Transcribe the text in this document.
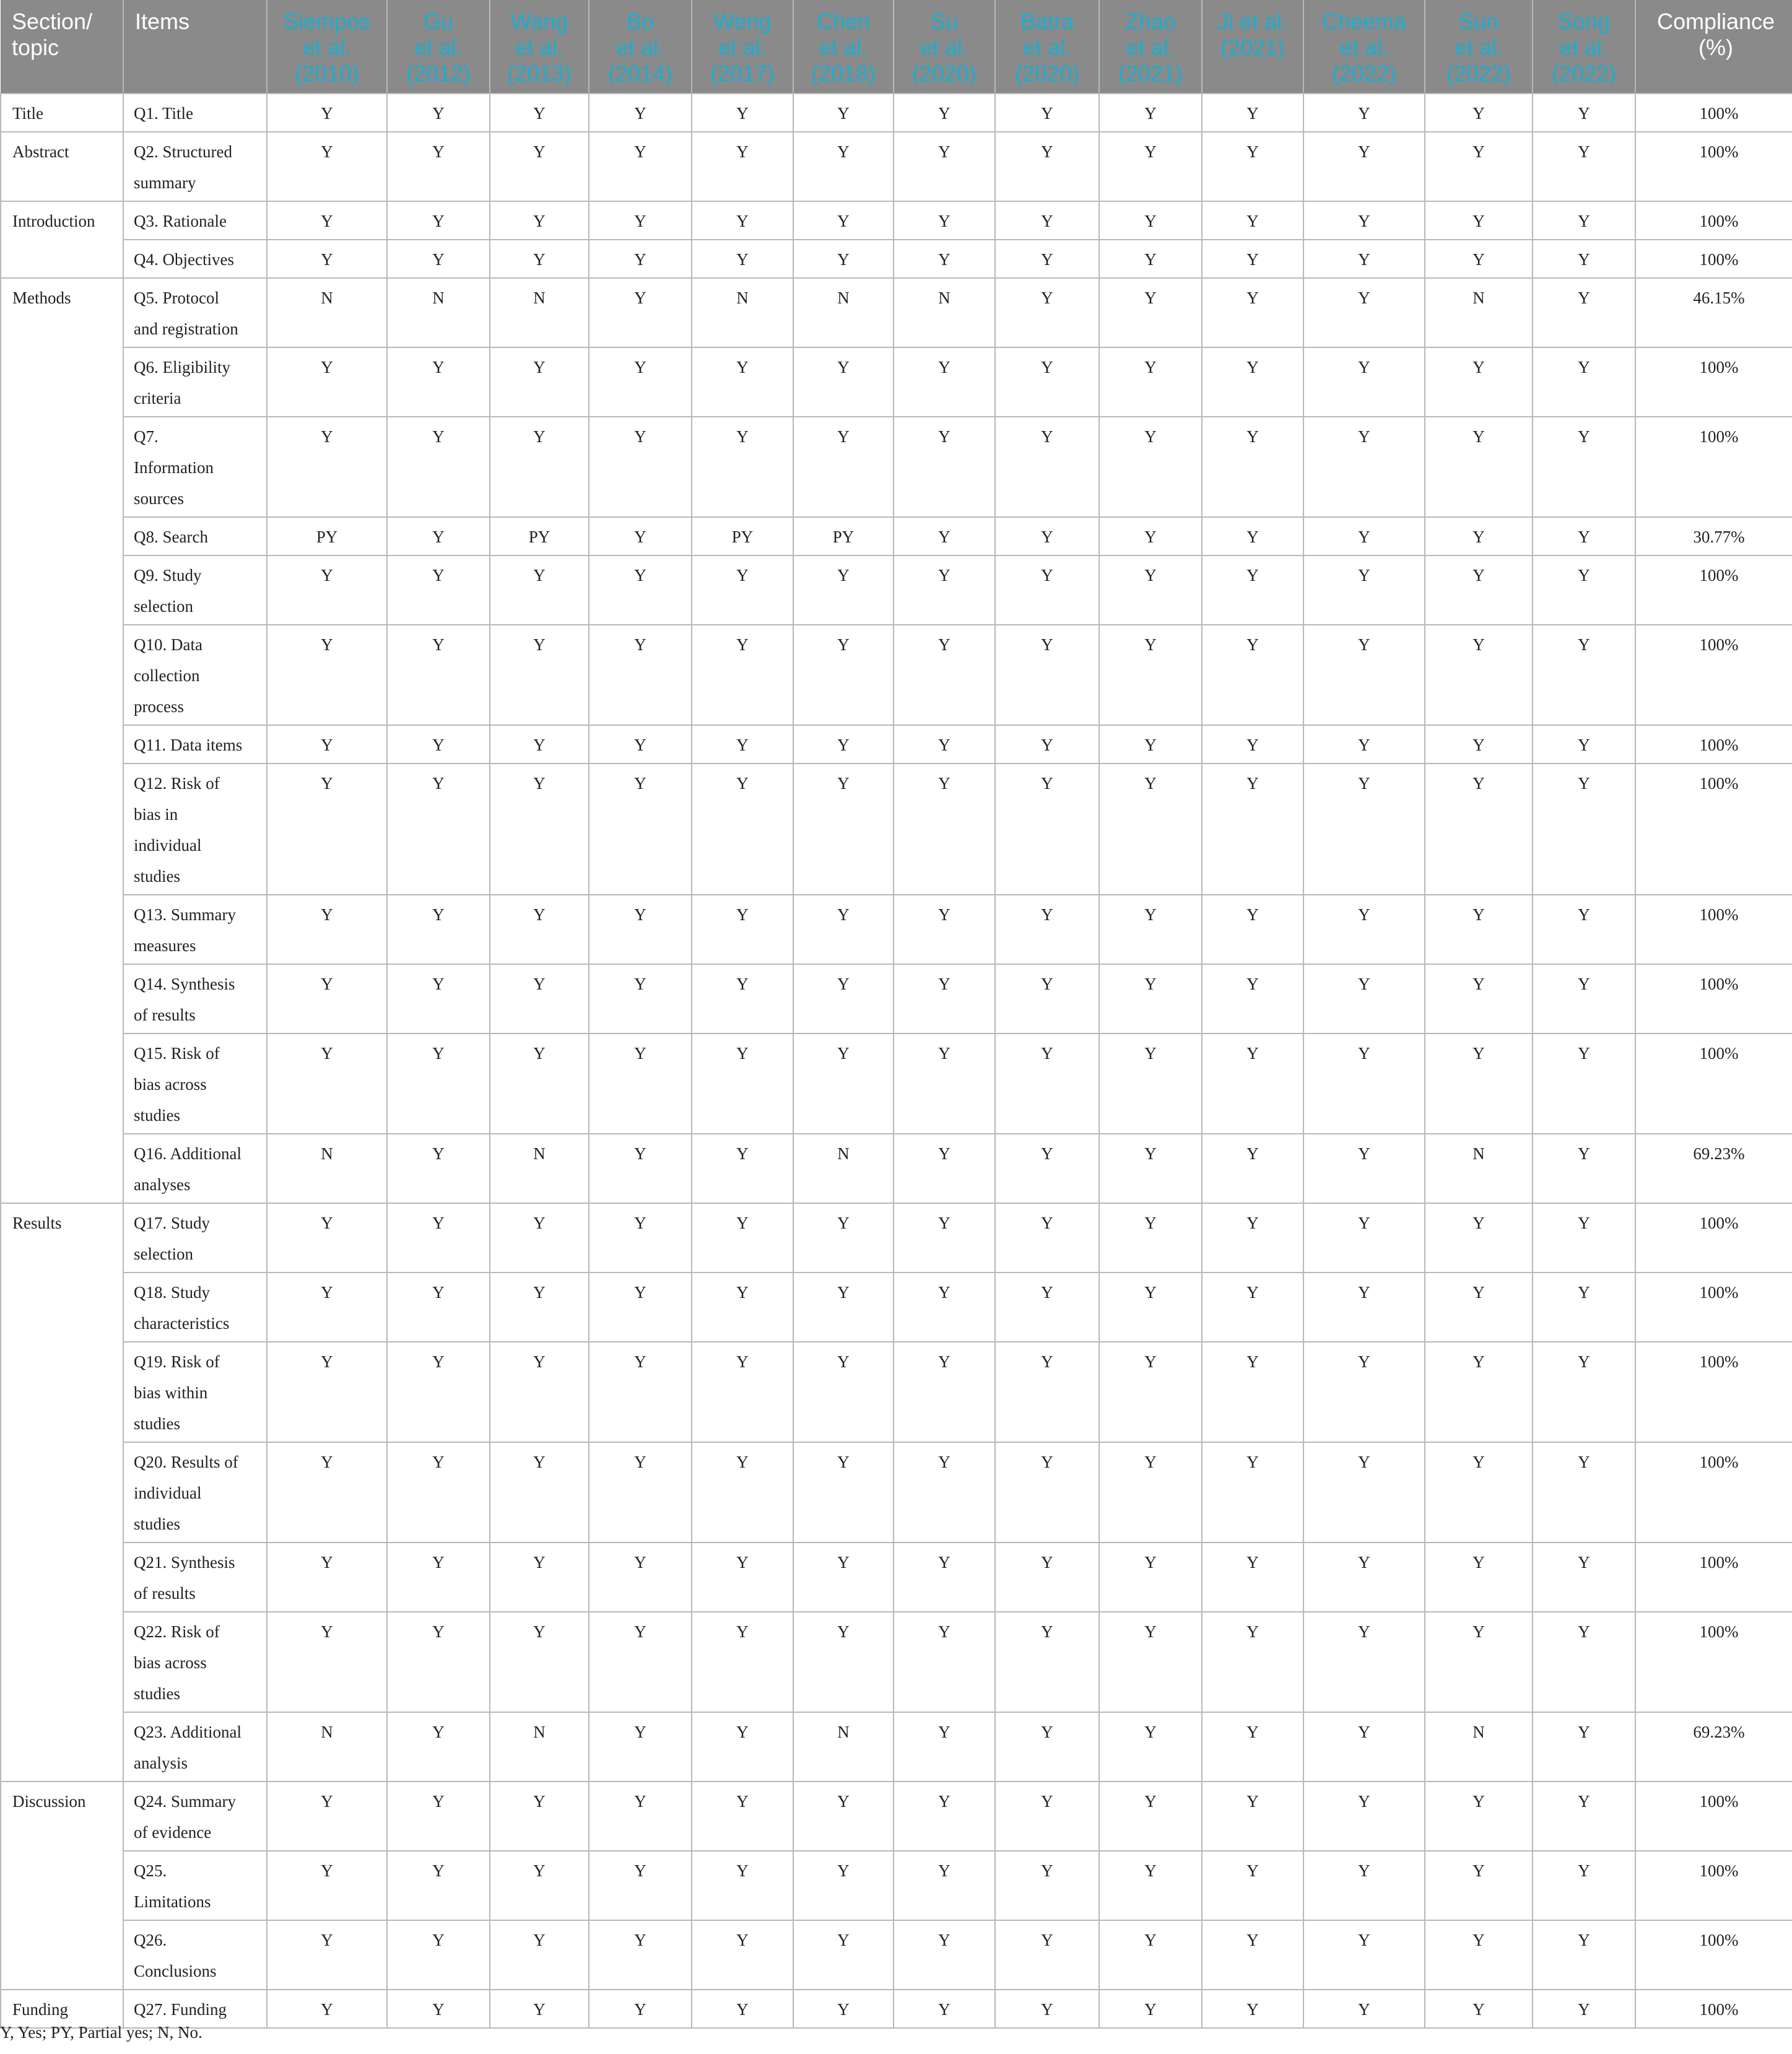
Section/ topic	Items	Siempos
et al.
(2010)	Gu
et al.
(2012)	Wang
et al.
(2013)	Bo
et al.
(2014)	Weng
et al.
(2017)	Chen
et al.
(2018)	Su
et al.
(2020)	Batra
et al.
(2020)	Zhao
et al.
(2021)	Ji et al.
(2021)	Cheema
et al.
(2022)	Sun
et al.
(2022)	Song
et al.
(2022)	Compliance (%)
Title	Q1. Title	Y	Y	Y	Y	Y	Y	Y	Y	Y	Y	Y	Y	Y	100%
Abstract	Q2. Structured
summary	Y	Y	Y	Y	Y	Y	Y	Y	Y	Y	Y	Y	Y	100%
Introduction	Q3. Rationale	Y	Y	Y	Y	Y	Y	Y	Y	Y	Y	Y	Y	Y	100%

	Q4. Objectives	Y	Y	Y	Y	Y	Y	Y	Y	Y	Y	Y	Y	Y	100%
Methods	Q5. Protocol
and registration	N	N	N	Y	N	N	N	Y	Y	Y	Y	N	Y	46.15%

	Q6. Eligibility
criteria	Y	Y	Y	Y	Y	Y	Y	Y	Y	Y	Y	Y	Y	100%

	Q7.
Information
sources	Y	Y	Y	Y	Y	Y	Y	Y	Y	Y	Y	Y	Y	100%

	Q8. Search	PY	Y	PY	Y	PY	PY	Y	Y	Y	Y	Y	Y	Y	30.77%

	Q9. Study
selection	Y	Y	Y	Y	Y	Y	Y	Y	Y	Y	Y	Y	Y	100%

	Q10. Data
collection
process	Y	Y	Y	Y	Y	Y	Y	Y	Y	Y	Y	Y	Y	100%

	Q11. Data items	Y	Y	Y	Y	Y	Y	Y	Y	Y	Y	Y	Y	Y	100%

	Q12. Risk of
bias in
individual
studies	Y	Y	Y	Y	Y	Y	Y	Y	Y	Y	Y	Y	Y	100%

	Q13. Summary
measures	Y	Y	Y	Y	Y	Y	Y	Y	Y	Y	Y	Y	Y	100%

	Q14. Synthesis
of results	Y	Y	Y	Y	Y	Y	Y	Y	Y	Y	Y	Y	Y	100%

	Q15. Risk of
bias across
studies	Y	Y	Y	Y	Y	Y	Y	Y	Y	Y	Y	Y	Y	100%

	Q16. Additional
analyses	N	Y	N	Y	Y	N	Y	Y	Y	Y	Y	N	Y	69.23%
Results	Q17. Study
selection	Y	Y	Y	Y	Y	Y	Y	Y	Y	Y	Y	Y	Y	100%

	Q18. Study
characteristics	Y	Y	Y	Y	Y	Y	Y	Y	Y	Y	Y	Y	Y	100%

	Q19. Risk of
bias within
studies	Y	Y	Y	Y	Y	Y	Y	Y	Y	Y	Y	Y	Y	100%

	Q20. Results of
individual
studies	Y	Y	Y	Y	Y	Y	Y	Y	Y	Y	Y	Y	Y	100%

	Q21. Synthesis
of results	Y	Y	Y	Y	Y	Y	Y	Y	Y	Y	Y	Y	Y	100%

	Q22. Risk of
bias across
studies	Y	Y	Y	Y	Y	Y	Y	Y	Y	Y	Y	Y	Y	100%

	Q23. Additional
analysis	N	Y	N	Y	Y	N	Y	Y	Y	Y	Y	N	Y	69.23%
Discussion	Q24. Summary
of evidence	Y	Y	Y	Y	Y	Y	Y	Y	Y	Y	Y	Y	Y	100%

	Q25.
Limitations	Y	Y	Y	Y	Y	Y	Y	Y	Y	Y	Y	Y	Y	100%

	Q26.
Conclusions	Y	Y	Y	Y	Y	Y	Y	Y	Y	Y	Y	Y	Y	100%
Funding	Q27. Funding	Y	Y	Y	Y	Y	Y	Y	Y	Y	Y	Y	Y	Y	100%

Y, Yes; PY, Partial yes; N, No.
